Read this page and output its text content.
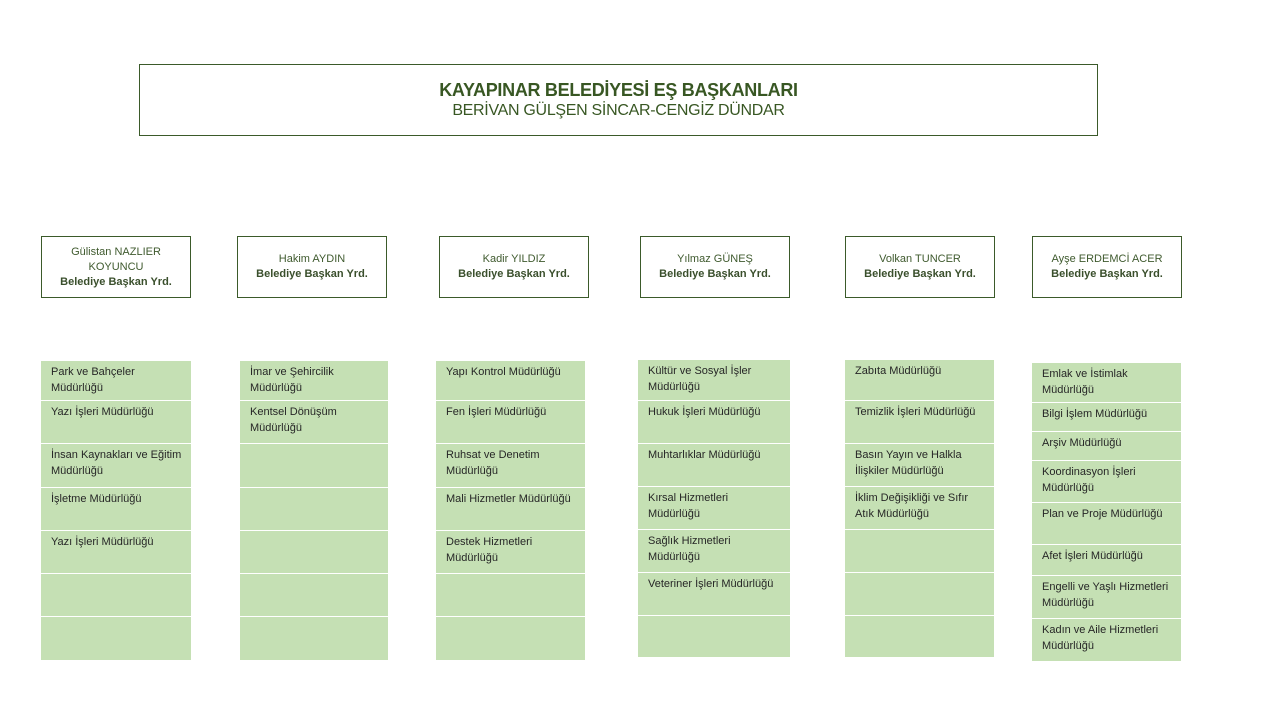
KAYAPINAR BELEDİYESİ EŞ BAŞKANLARI
BERİVAN GÜLŞEN SİNCAR-CENGİZ DÜNDAR
Gülistan NAZLIER KOYUNCU
Belediye Başkan Yrd.
Hakim AYDIN
Belediye Başkan Yrd.
Kadir YILDIZ
Belediye Başkan Yrd.
Yılmaz GÜNEŞ
Belediye Başkan Yrd.
Volkan TUNCER
Belediye Başkan Yrd.
Ayşe ERDEMCİ ACER
Belediye Başkan Yrd.
Park ve Bahçeler Müdürlüğü
Yazı İşleri Müdürlüğü
İnsan Kaynakları ve Eğitim Müdürlüğü
İşletme Müdürlüğü
Yazı İşleri Müdürlüğü
İmar ve Şehircilik Müdürlüğü
Kentsel Dönüşüm Müdürlüğü
Yapı Kontrol Müdürlüğü
Fen İşleri Müdürlüğü
Ruhsat ve Denetim Müdürlüğü
Mali Hizmetler Müdürlüğü
Destek Hizmetleri Müdürlüğü
Kültür ve Sosyal İşler Müdürlüğü
Hukuk İşleri Müdürlüğü
Muhtarlıklar Müdürlüğü
Kırsal Hizmetleri Müdürlüğü
Sağlık Hizmetleri Müdürlüğü
Veteriner İşleri Müdürlüğü
Zabıta Müdürlüğü
Temizlik İşleri Müdürlüğü
Basın Yayın ve Halkla İlişkiler Müdürlüğü
İklim Değişikliği ve Sıfır Atık Müdürlüğü
Emlak ve İstimlak Müdürlüğü
Bilgi İşlem Müdürlüğü
Arşiv Müdürlüğü
Koordinasyon İşleri Müdürlüğü
Plan ve Proje Müdürlüğü
Afet İşleri Müdürlüğü
Engelli ve Yaşlı Hizmetleri Müdürlüğü
Kadın ve Aile Hizmetleri Müdürlüğü
